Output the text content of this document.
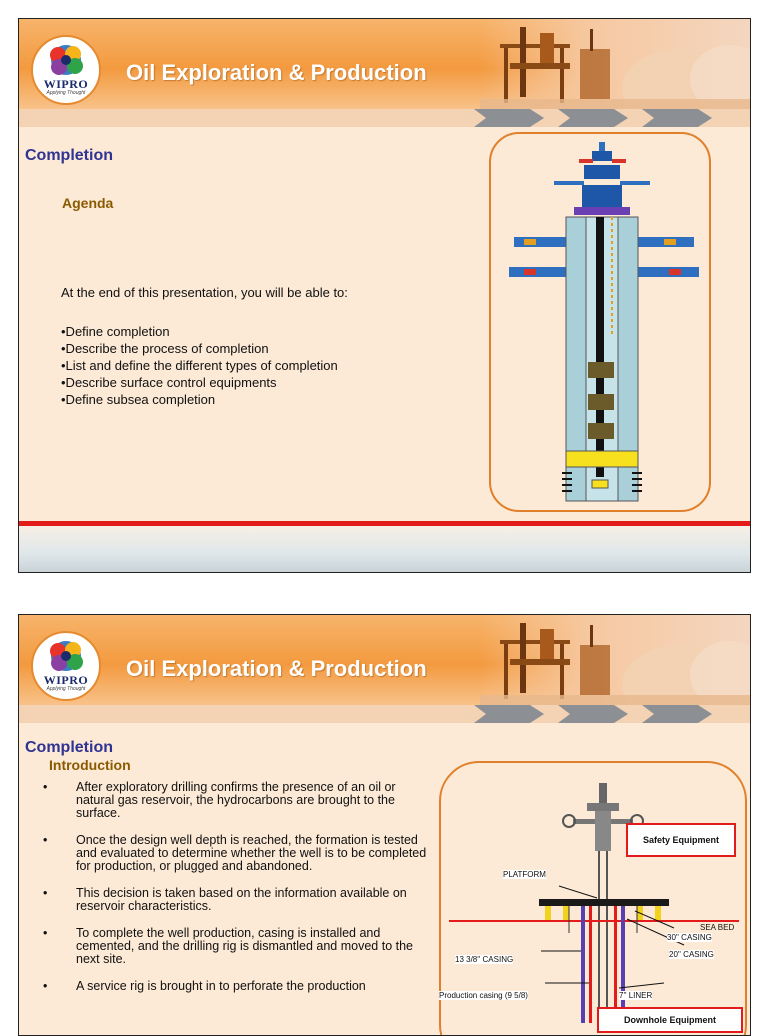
WIPRO
Applying Thought
Oil Exploration & Production
Completion
Agenda
At the end of this presentation, you will be able to:
•Define completion
•Describe the process of completion
•List and define the different types of completion
•Describe surface control equipments
•Define subsea completion
WIPRO
Applying Thought
Oil Exploration & Production
Completion
Introduction
• After exploratory drilling confirms the presence of an oil or natural gas reservoir, the hydrocarbons are brought to the surface.
• Once the design well depth is reached, the formation is tested and evaluated to determine whether the well is to be completed for production, or plugged and abandoned.
• This decision is taken based on the information available on reservoir characteristics.
• To complete the well production, casing is installed and cemented, and the drilling rig is dismantled and moved to the next site.
• A service rig is brought in to perforate the production
Safety Equipment
PLATFORM
SEA BED
30'' CASING
20'' CASING
13 3/8'' CASING
Production casing (9 5/8)	7'' LINER
Downhole Equipment
